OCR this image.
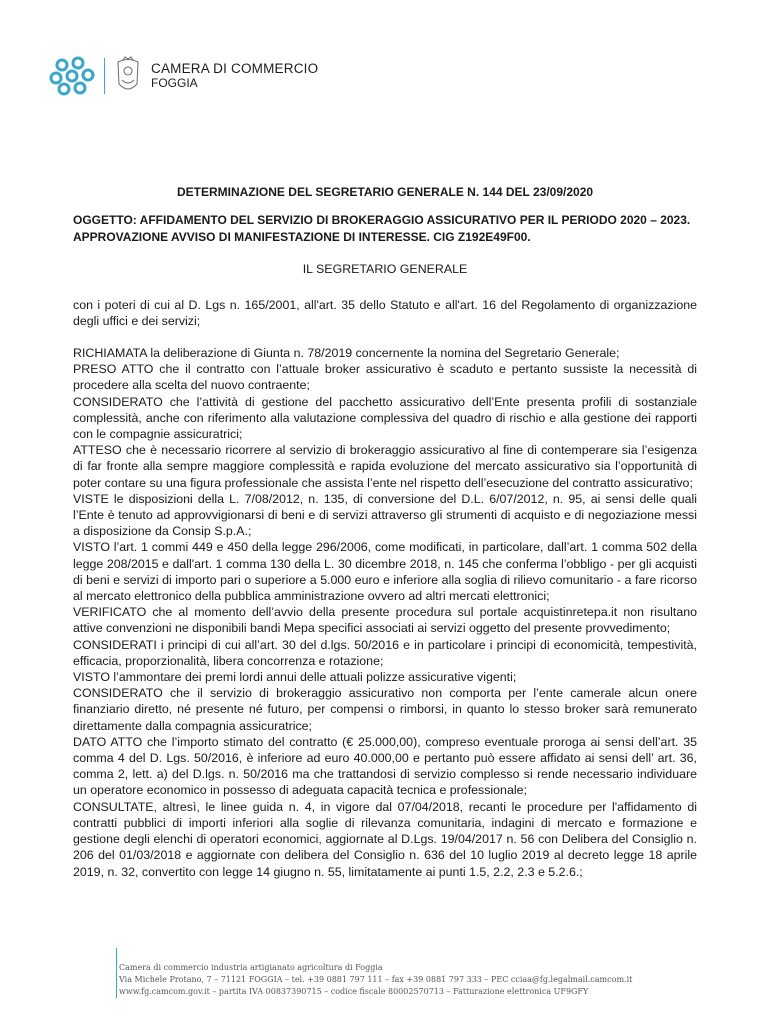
CAMERA DI COMMERCIO
FOGGIA
DETERMINAZIONE DEL SEGRETARIO GENERALE N. 144 DEL 23/09/2020
OGGETTO: AFFIDAMENTO DEL SERVIZIO DI BROKERAGGIO ASSICURATIVO PER IL PERIODO 2020 – 2023.
APPROVAZIONE AVVISO DI MANIFESTAZIONE DI INTERESSE. CIG Z192E49F00.
IL SEGRETARIO GENERALE
con i poteri di cui al D. Lgs n. 165/2001, all'art. 35 dello Statuto e all'art. 16 del Regolamento di organizzazione degli uffici e dei servizi;

RICHIAMATA la deliberazione di Giunta n. 78/2019 concernente la nomina del Segretario Generale;

PRESO ATTO che il contratto con l’attuale broker assicurativo è scaduto e pertanto sussiste la necessità di procedere alla scelta del nuovo contraente;

CONSIDERATO che l’attività di gestione del pacchetto assicurativo dell’Ente presenta profili di sostanziale complessità, anche con riferimento alla valutazione complessiva del quadro di rischio e alla gestione dei rapporti con le compagnie assicuratrici;

ATTESO che è necessario ricorrere al servizio di brokeraggio assicurativo al fine di contemperare sia l’esigenza di far fronte alla sempre maggiore complessità e rapida evoluzione del mercato assicurativo sia l’opportunità di poter contare su una figura professionale che assista l’ente nel rispetto dell’esecuzione del contratto assicurativo;

VISTE le disposizioni della L. 7/08/2012, n. 135, di conversione del D.L. 6/07/2012, n. 95, ai sensi delle quali l’Ente è tenuto ad approvvigionarsi di beni e di servizi attraverso gli strumenti di acquisto e di negoziazione messi a disposizione da Consip S.p.A.;

VISTO l’art. 1 commi 449 e 450 della legge 296/2006, come modificati, in particolare, dall’art. 1 comma 502 della legge 208/2015 e dall'art. 1 comma 130 della L. 30 dicembre 2018, n. 145 che conferma l’obbligo - per gli acquisti di beni e servizi di importo pari o superiore a 5.000 euro e inferiore alla soglia di rilievo comunitario - a fare ricorso al mercato elettronico della pubblica amministrazione ovvero ad altri mercati elettronici;

VERIFICATO che al momento dell’avvio della presente procedura sul portale acquistinretepa.it non risultano attive convenzioni ne disponibili bandi Mepa specifici associati ai servizi oggetto del presente provvedimento;

CONSIDERATI i principi di cui all’art. 30 del d.lgs. 50/2016 e in particolare i principi di economicità, tempestività, efficacia, proporzionalità, libera concorrenza e rotazione;

VISTO l’ammontare dei premi lordi annui delle attuali polizze assicurative vigenti;

CONSIDERATO che il servizio di brokeraggio assicurativo non comporta per l’ente camerale alcun onere finanziario diretto, né presente né futuro, per compensi o rimborsi, in quanto lo stesso broker sarà remunerato direttamente dalla compagnia assicuratrice;

DATO ATTO che l’importo stimato del contratto (€ 25.000,00), compreso eventuale proroga ai sensi dell’art. 35 comma 4 del D. Lgs. 50/2016, è inferiore ad euro 40.000,00 e pertanto può essere affidato ai sensi dell’ art. 36, comma 2, lett. a) del D.lgs. n. 50/2016 ma che trattandosi di servizio complesso si rende necessario individuare un operatore economico in possesso di adeguata capacità tecnica e professionale;

CONSULTATE, altresì, le linee guida n. 4, in vigore dal 07/04/2018, recanti le procedure per l'affidamento di contratti pubblici di importi inferiori alla soglie di rilevanza comunitaria, indagini di mercato e formazione e gestione degli elenchi di operatori economici, aggiornate al D.Lgs. 19/04/2017 n. 56 con Delibera del Consiglio n. 206 del 01/03/2018 e aggiornate con delibera del Consiglio n. 636 del 10 luglio 2019 al decreto legge 18 aprile 2019, n. 32, convertito con legge 14 giugno n. 55, limitatamente ai punti 1.5, 2.2, 2.3 e 5.2.6.;

Camera di commercio industria artigianato agricoltura di Foggia
Via Michele Protano, 7 – 71121 FOGGIA – tel. +39 0881 797 111 – fax +39 0881 797 333 – PEC cciaa@fg.legalmail.camcom.it
www.fg.camcom.gov.it – partita IVA 00837390715 – codice fiscale 80002570713 – Fatturazione elettronica UF9GFY
